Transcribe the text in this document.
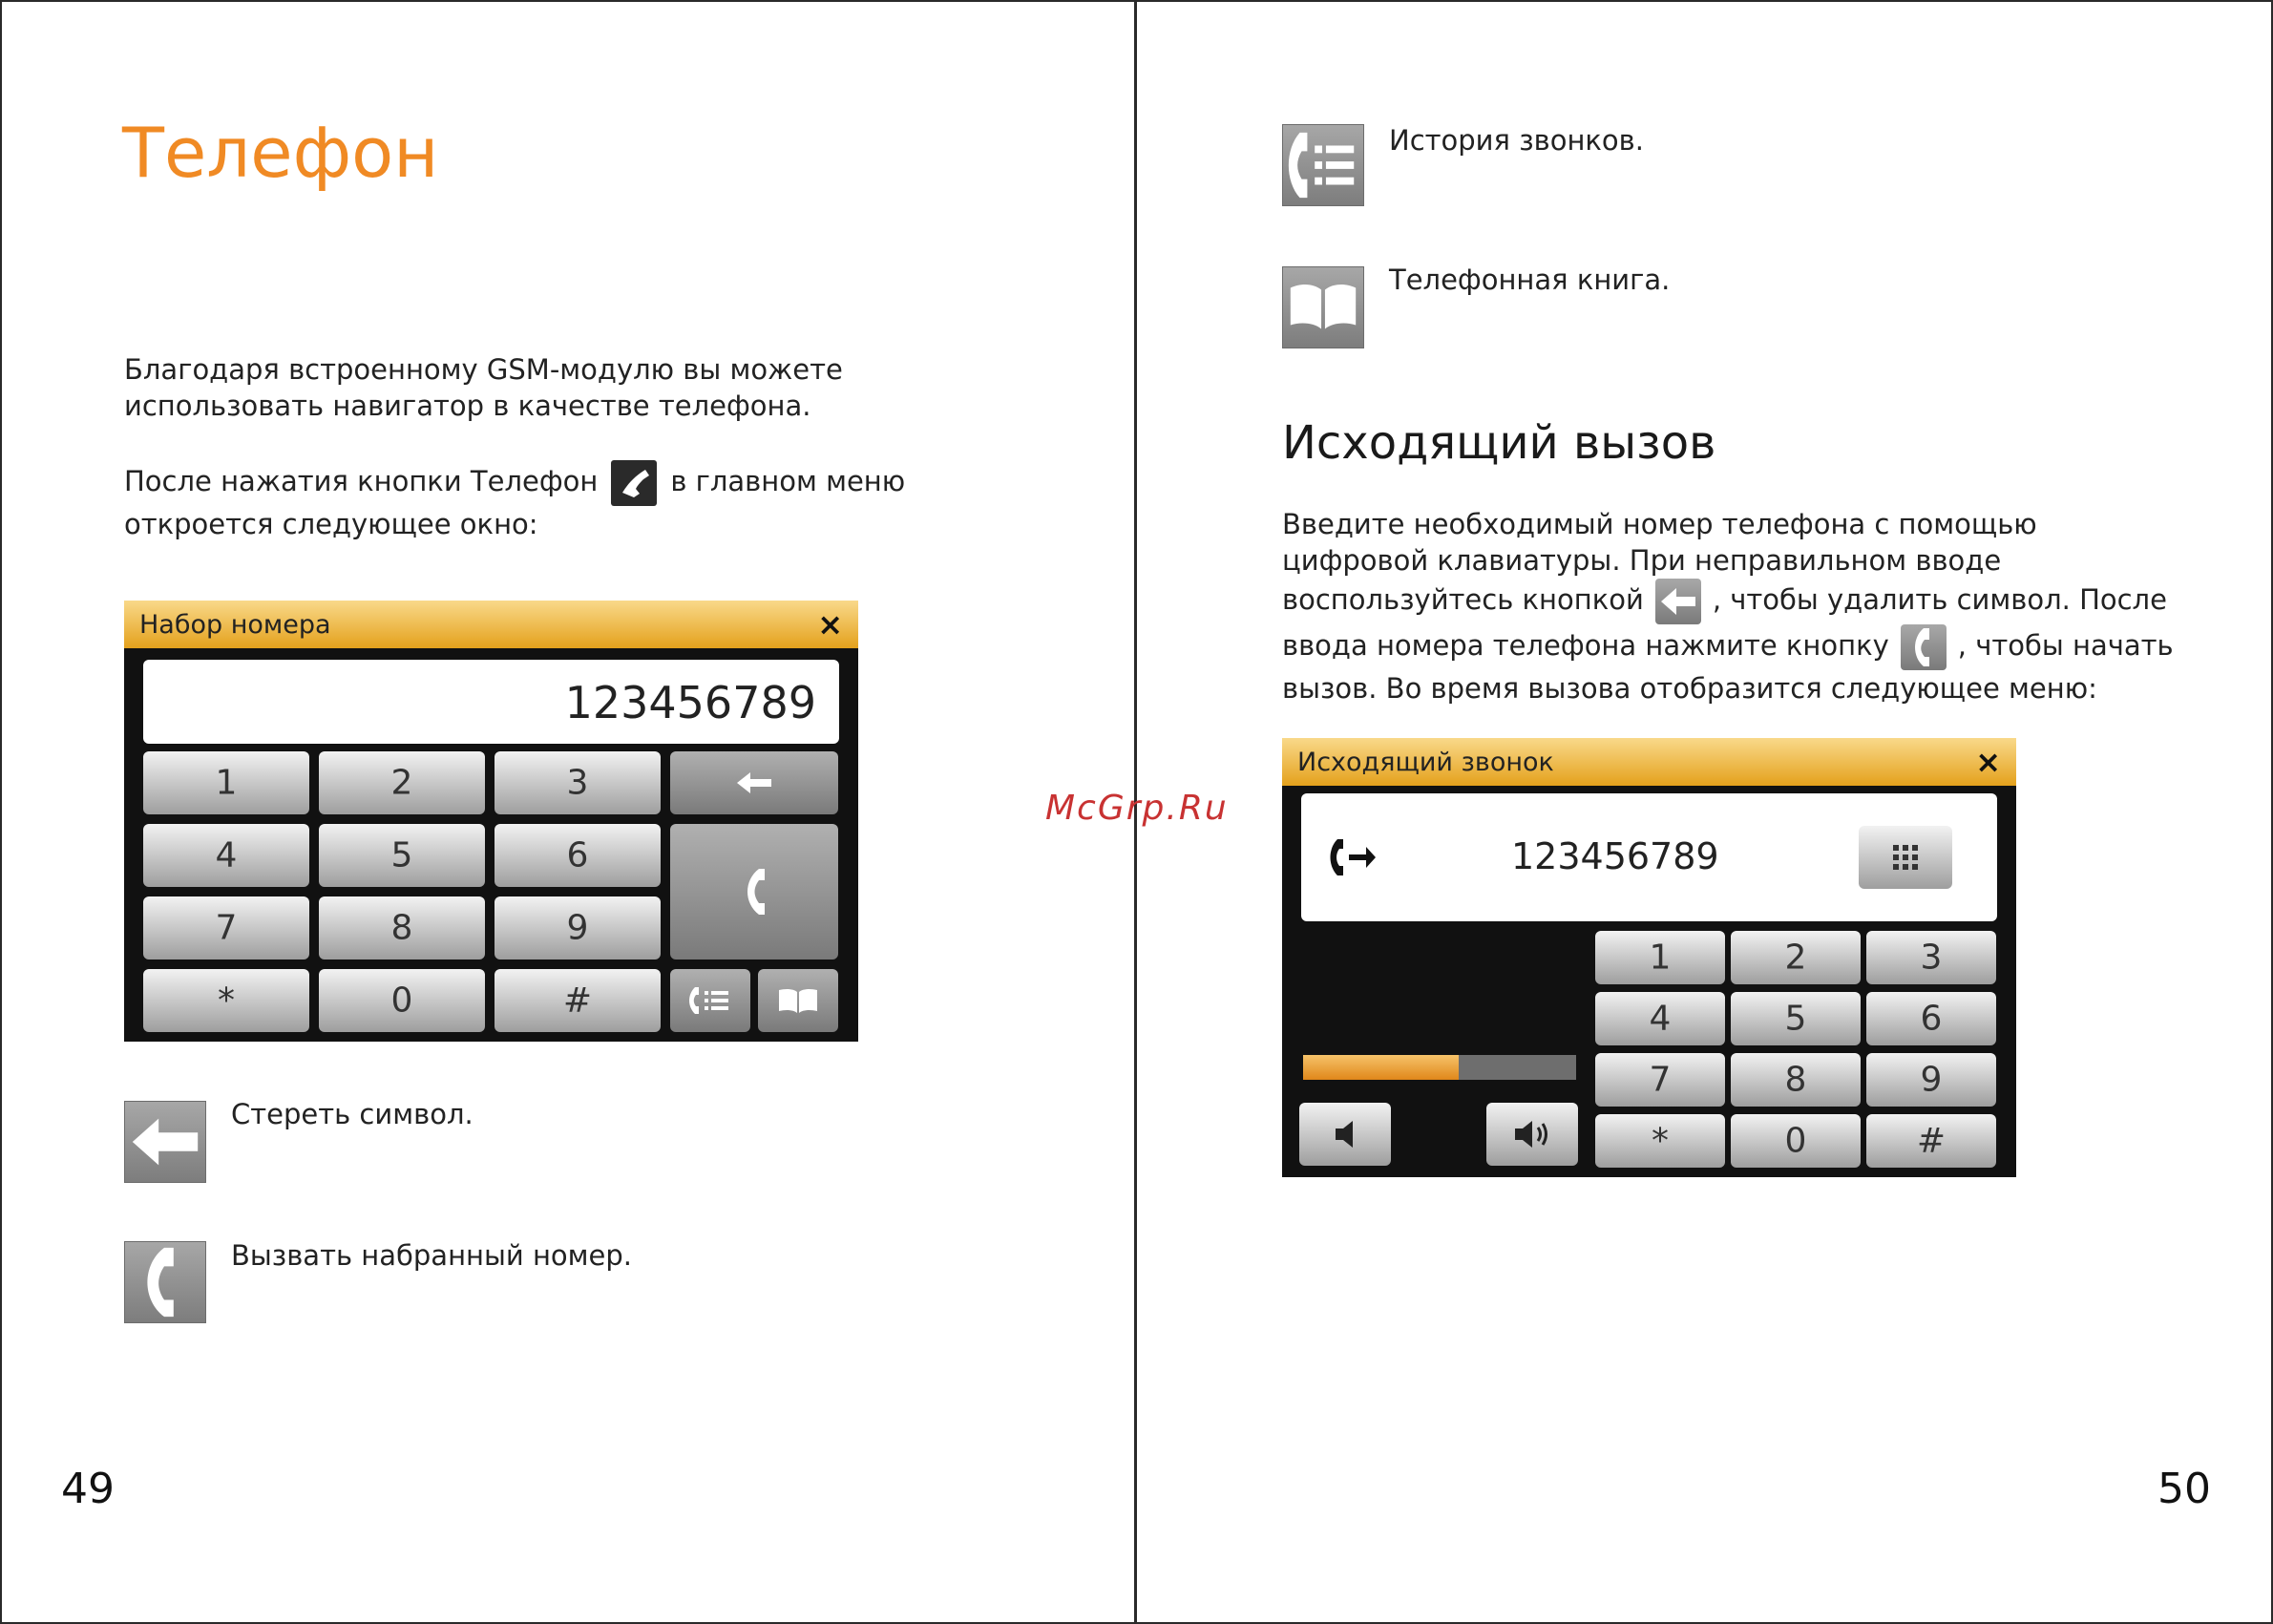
McGrp.Ru
Телефон
Благодаря встроенному GSM-модулю вы можете
использовать навигатор в качестве телефона.
После нажатия кнопки Телефон	в главном меню
откроется следующее окно:
Набор номера	×
123456789
1	2	3
4	5	6
7	8	9
*	0	#
Стереть символ.
Вызвать набранный номер.
49
История звонков.
Телефонная книга.
Исходящий вызов
Введите необходимый номер телефона с помощью
цифровой клавиатуры. При неправильном вводе
воспользуйтесь кнопкой , чтобы удалить символ. После
ввода номера телефона нажмите кнопку , чтобы начать
вызов. Во время вызова отобразится следующее меню:
Исходящий звонок	×
123456789
1	2	3
4	5	6
7	8	9
*	0	#
50
